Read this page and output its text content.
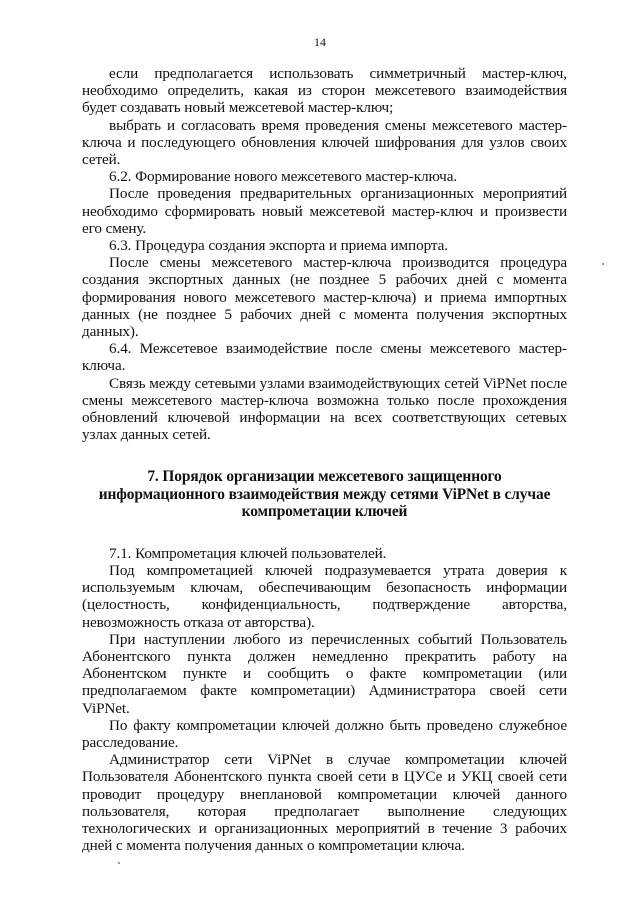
14

если предполагается использовать симметричный мастер-ключ, необходимо определить, какая из сторон межсетевого взаимодействия будет создавать новый межсетевой мастер-ключ;

выбрать и согласовать время проведения смены межсетевого мастер-ключа и последующего обновления ключей шифрования для узлов своих сетей.

6.2. Формирование нового межсетевого мастер-ключа.

После проведения предварительных организационных мероприятий необходимо сформировать новый межсетевой мастер-ключ и произвести его смену.

6.3. Процедура создания экспорта и приема импорта.

После смены межсетевого мастер-ключа производится процедура создания экспортных данных (не позднее 5 рабочих дней с момента формирования нового межсетевого мастер-ключа) и приема импортных данных (не позднее 5 рабочих дней с момента получения экспортных данных).

6.4. Межсетевое взаимодействие после смены межсетевого мастер-ключа.

Связь между сетевыми узлами взаимодействующих сетей ViPNet после смены межсетевого мастер-ключа возможна только после прохождения обновлений ключевой информации на всех соответствующих сетевых узлах данных сетей.

7. Порядок организации межсетевого защищенного
информационного взаимодействия между сетями ViPNet в случае
компрометации ключей

7.1. Компрометация ключей пользователей.

Под компрометацией ключей подразумевается утрата доверия к используемым ключам, обеспечивающим безопасность информации (целостность, конфиденциальность, подтверждение авторства, невозможность отказа от авторства).

При наступлении любого из перечисленных событий Пользователь Абонентского пункта должен немедленно прекратить работу на Абонентском пункте и сообщить о факте компрометации (или предполагаемом факте компрометации) Администратора своей сети ViPNet.

По факту компрометации ключей должно быть проведено служебное расследование.

Администратор сети ViPNet в случае компрометации ключей Пользователя Абонентского пункта своей сети в ЦУСе и УКЦ своей сети проводит процедуру внеплановой компрометации ключей данного пользователя, которая предполагает выполнение следующих технологических и организационных мероприятий в течение 3 рабочих дней с момента получения данных о компрометации ключа.
